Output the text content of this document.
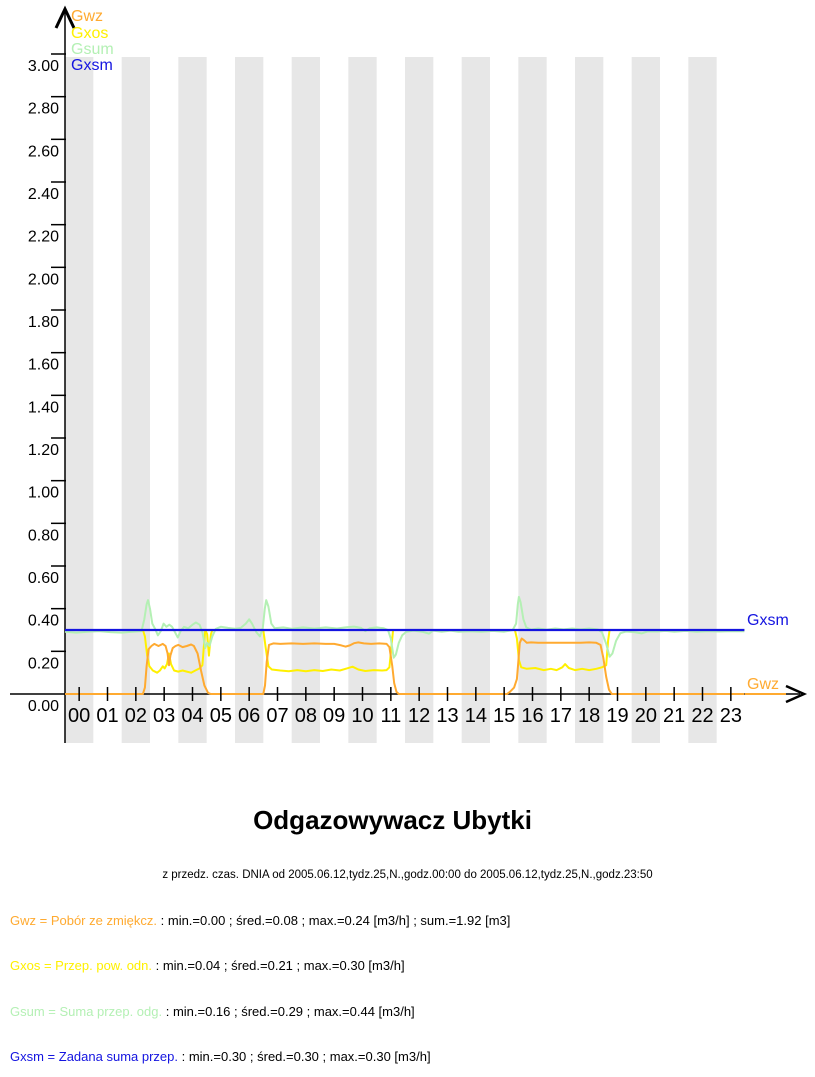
0.00
0.20
0.40
0.60
0.80
1.00
1.20
1.40
1.60
1.80
2.00
2.20
2.40
2.60
2.80
3.00
00 01 02 03 04 05 06 07 08 09 10 11 12 13 14 15 16 17 18 19 20 21 22 23
Gwz
Gxos
Gsum
Gxsm
Gxsm
Gwz
Odgazowywacz Ubytki
z przedz. czas. DNIA od 2005.06.12,tydz.25,N.,godz.00:00 do 2005.06.12,tydz.25,N.,godz.23:50
Gwz = Pobór ze zmiękcz. : min.=0.00 ; śred.=0.08 ; max.=0.24 [m3/h] ; sum.=1.92 [m3]
Gxos = Przep. pow. odn. : min.=0.04 ; śred.=0.21 ; max.=0.30 [m3/h]
Gsum = Suma przep. odg. : min.=0.16 ; śred.=0.29 ; max.=0.44 [m3/h]
Gxsm = Zadana suma przep. : min.=0.30 ; śred.=0.30 ; max.=0.30 [m3/h]
